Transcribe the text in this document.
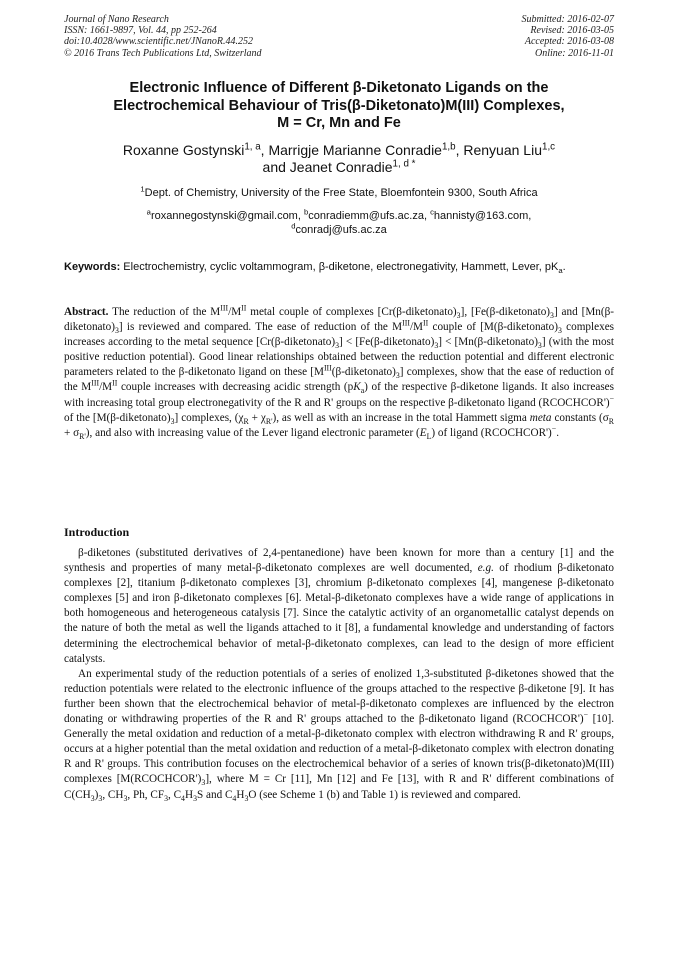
Journal of Nano Research
ISSN: 1661-9897, Vol. 44, pp 252-264
doi:10.4028/www.scientific.net/JNanoR.44.252
© 2016 Trans Tech Publications Ltd, Switzerland
Submitted: 2016-02-07
Revised: 2016-03-05
Accepted: 2016-03-08
Online: 2016-11-01
Electronic Influence of Different β-Diketonato Ligands on the
Electrochemical Behaviour of Tris(β-Diketonato)M(III) Complexes,
M = Cr, Mn and Fe
Roxanne Gostynski$^{1, a}$, Marrigje Marianne Conradie$^{1,b}$, Renyuan Liu$^{1,c}$
and Jeanet Conradie$^{1, d *}$
$^1$Dept. of Chemistry, University of the Free State, Bloemfontein 9300, South Africa
$^a$roxannegostynski@gmail.com, $^b$conradiemm@ufs.ac.za, $^c$hannisty@163.com,
$^d$conradj@ufs.ac.za
Keywords: Electrochemistry, cyclic voltammogram, β-diketone, electronegativity, Hammett, Lever, $pK_a$.
Abstract. The reduction of the $M^{III}/M^{II}$ metal couple of complexes $[Cr(\beta-diketonato)_3]$, $[Fe(\beta-diketonato)_3]$ and $[Mn(\beta-diketonato)_3]$ is reviewed and compared. The ease of reduction of the $M^{III}/M^{II}$ couple of [$M(\beta-diketonato)_3$ complexes increases according to the metal sequence $[Cr(\beta-diketonato)_3]$ < $[Fe(\beta-diketonato)_3]$ < $[Mn(\beta-diketonato)_3]$ (with the most positive reduction potential). Good linear relationships obtained between the reduction potential and different electronic parameters related to the β-diketonato ligand on these $[M^{III}(\beta-diketonato)_3]$ complexes, show that the ease of reduction of the $M^{III}/M^{II}$ couple increases with decreasing acidic strength $(pK_a)$ of the respective β-diketone ligands. It also increases with increasing total group electronegativity of the R and R' groups on the respective β-diketonato ligand (RCOCHCOR')− of the $[M(\beta-diketonato)_3]$ complexes, $(\chi_R + \chi_{R'})$, as well as with an increase in the total Hammett sigma meta constants $(\sigma_R + \sigma_{R'})$, and also with increasing value of the Lever ligand electronic parameter $(E_L)$ of ligand (RCOCHCOR')−.
Introduction

β-diketones (substituted derivatives of 2,4-pentanedione) have been known for more than a century [1] and the synthesis and properties of many metal-β-diketonato complexes are well documented, e.g. of rhodium β-diketonato complexes [2], titanium β-diketonato complexes [3], chromium β-diketonato complexes [4], mangenese β-diketonato complexes [5] and iron β-diketonato complexes [6]. Metal-β-diketonato complexes have a wide range of applications in both homogeneous and heterogeneous catalysis [7]. Since the catalytic activity of an organometallic catalyst depends on the nature of both the metal as well the ligands attached to it [8], a fundamental knowledge and understanding of factors determining the electrochemical behavior of metal-β-diketonato complexes, can lead to the design of more efficient catalysts.

An experimental study of the reduction potentials of a series of enolized 1,3-substituted β-diketones showed that the reduction potentials were related to the electronic influence of the groups attached to the respective β-diketone [9]. It has further been shown that the electrochemical behavior of metal-β-diketonato complexes are influenced by the electron donating or withdrawing properties of the R and R' groups attached to the β-diketonato ligand (RCOCHCOR')− [10]. Generally the metal oxidation and reduction of a metal-β-diketonato complex with electron withdrawing R and R' groups, occurs at a higher potential than the metal oxidation and reduction of a metal-β-diketonato complex with electron donating R and R' groups. This contribution focuses on the electrochemical behavior of a series of known tris(β-diketonato)M(III) complexes $[M(RCOCHCOR')_3]$, where M = Cr [11], Mn [12] and Fe [13], with R and R' different combinations of $C(CH_3)_3$, $CH_3$, Ph, $CF_3$, $C_4H_3S$ and $C_4H_3O$ (see Scheme 1 (b) and Table 1) is reviewed and compared.
